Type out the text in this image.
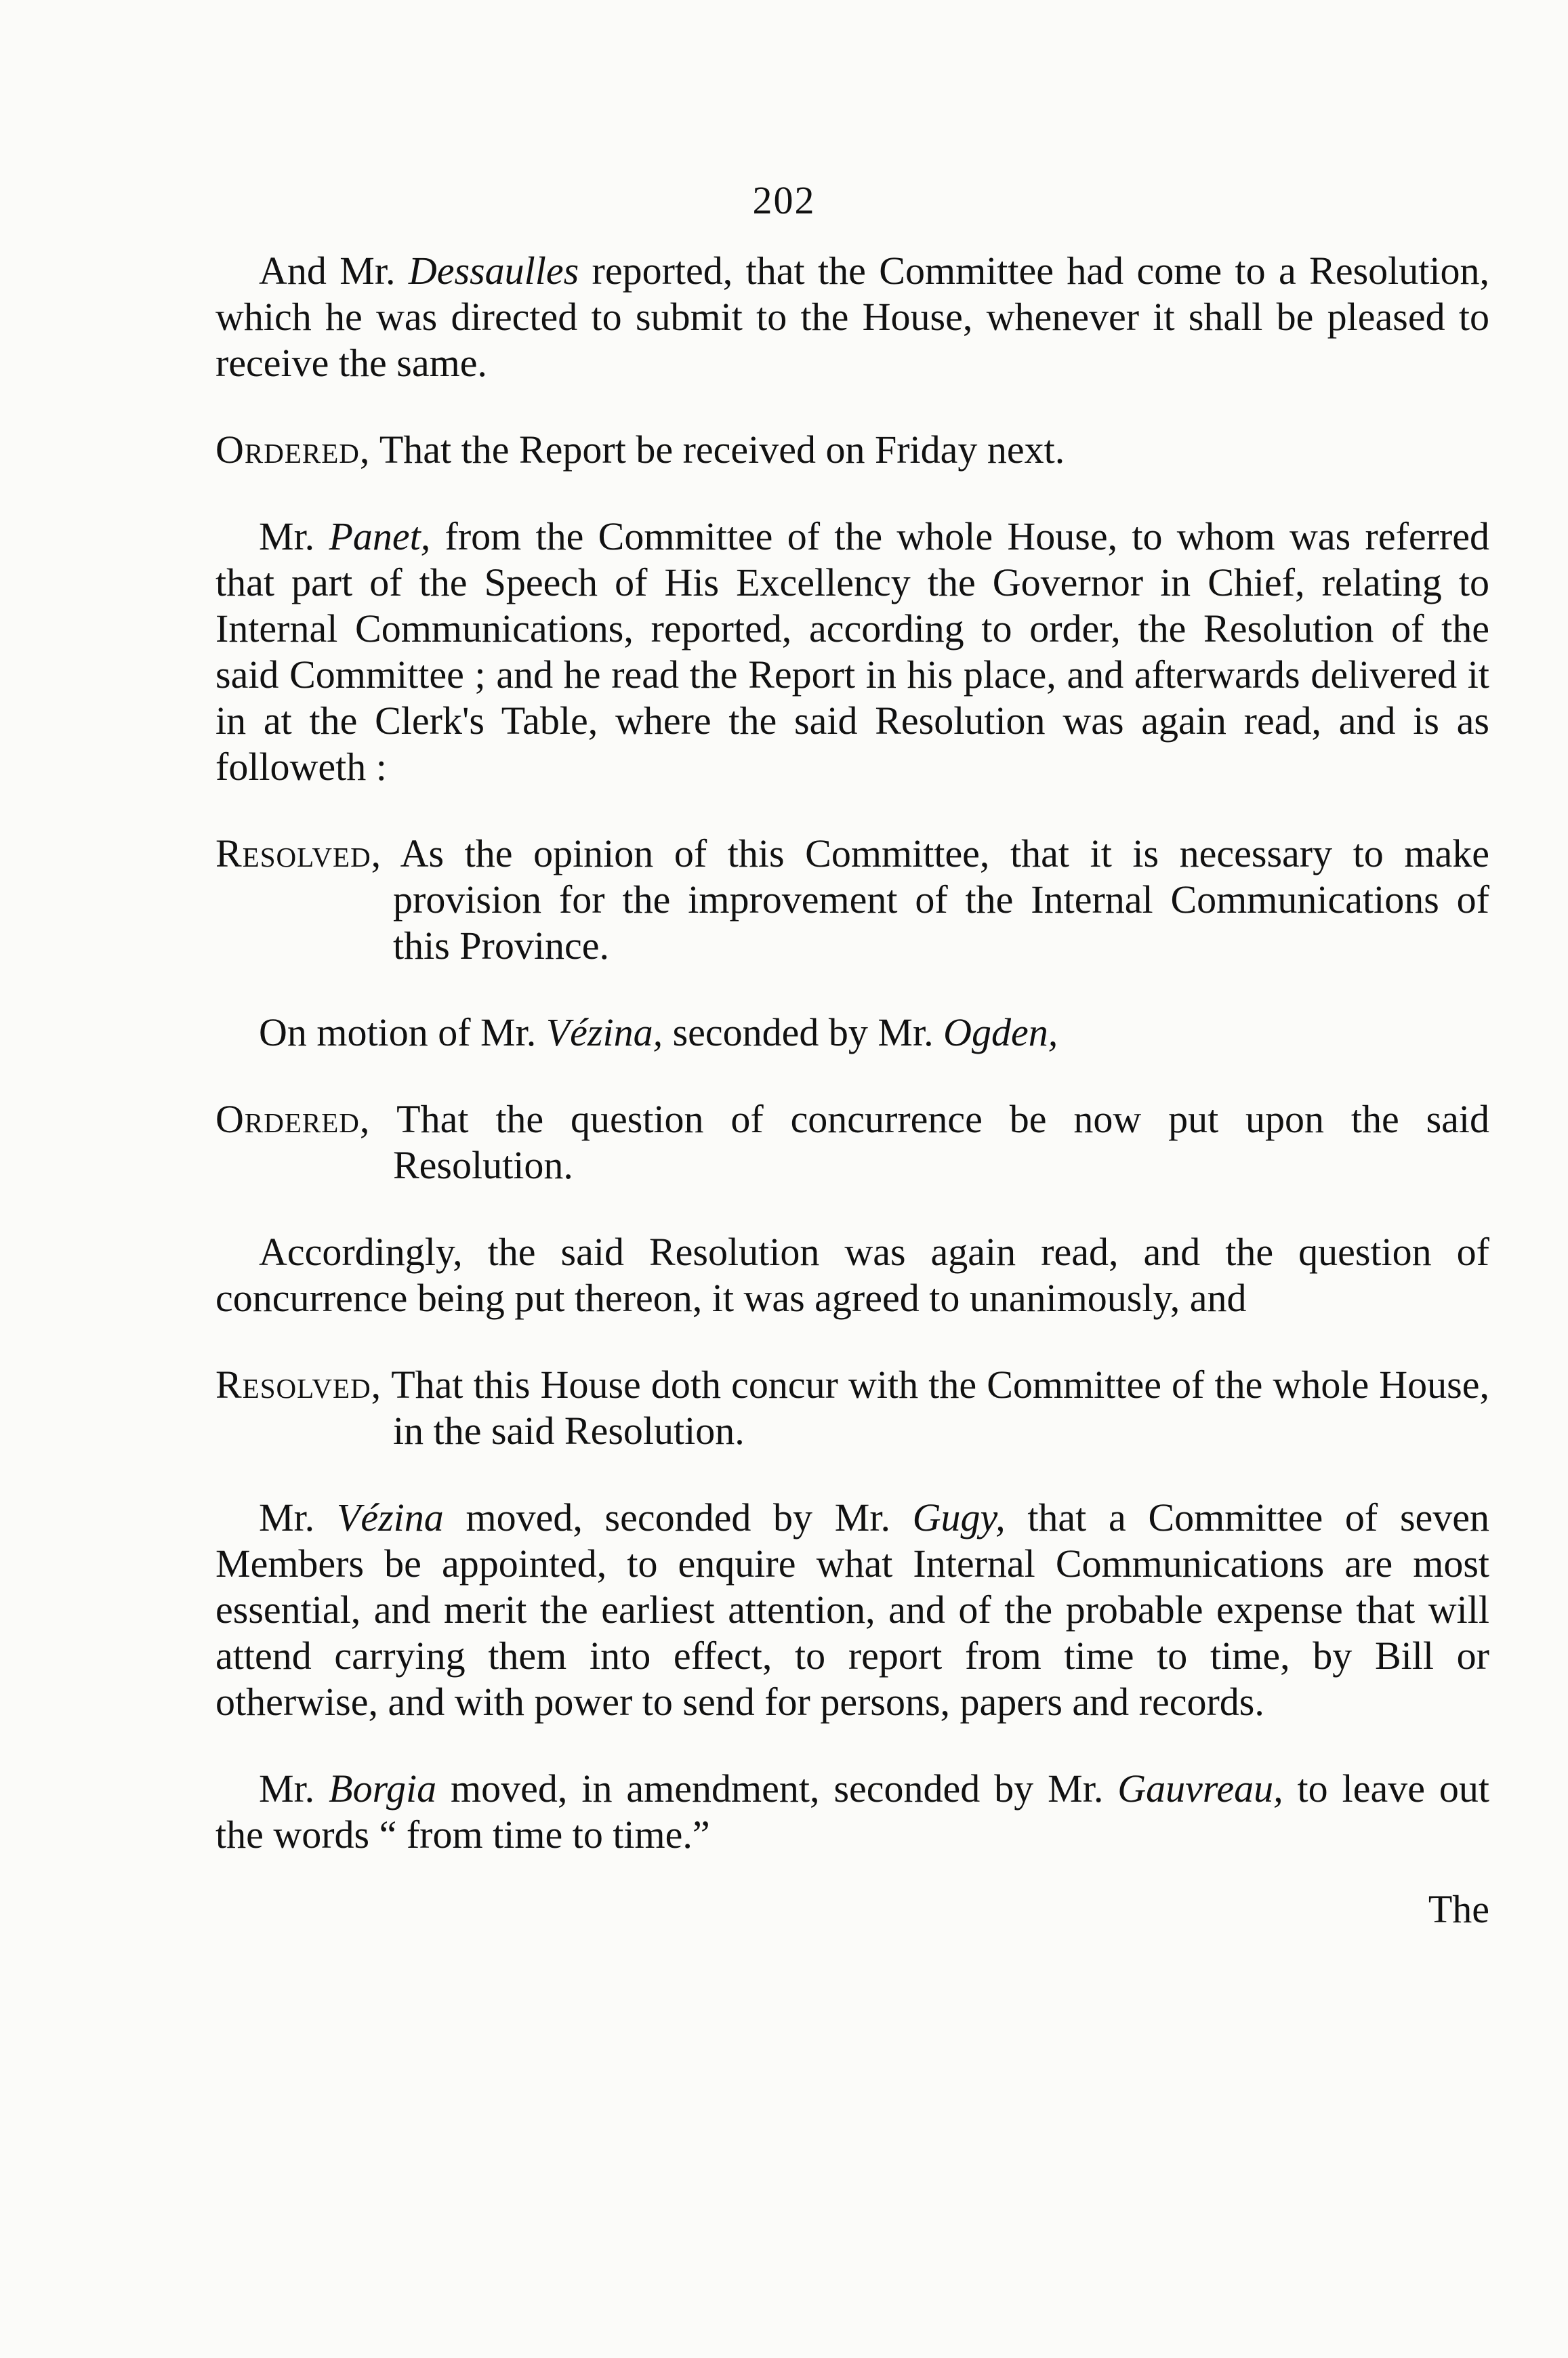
202

And Mr. Dessaulles reported, that the Committee had come to a Resolution, which he was directed to submit to the House, whenever it shall be pleased to receive the same.

Ordered, That the Report be received on Friday next.

Mr. Panet, from the Committee of the whole House, to whom was referred that part of the Speech of His Excellency the Governor in Chief, relating to Internal Communications, reported, according to order, the Resolution of the said Committee ; and he read the Report in his place, and afterwards delivered it in at the Clerk's Table, where the said Resolution was again read, and is as followeth :

Resolved, As the opinion of this Committee, that it is necessary to make provision for the improvement of the Internal Communications of this Province.

On motion of Mr. Vézina, seconded by Mr. Ogden,

Ordered, That the question of concurrence be now put upon the said Resolution.

Accordingly, the said Resolution was again read, and the question of concurrence being put thereon, it was agreed to unanimously, and

Resolved, That this House doth concur with the Committee of the whole House, in the said Resolution.

Mr. Vézina moved, seconded by Mr. Gugy, that a Committee of seven Members be appointed, to enquire what Internal Communications are most essential, and merit the earliest attention, and of the probable expense that will attend carrying them into effect, to report from time to time, by Bill or otherwise, and with power to send for persons, papers and records.

Mr. Borgia moved, in amendment, seconded by Mr. Gauvreau, to leave out the words “ from time to time.”

The
